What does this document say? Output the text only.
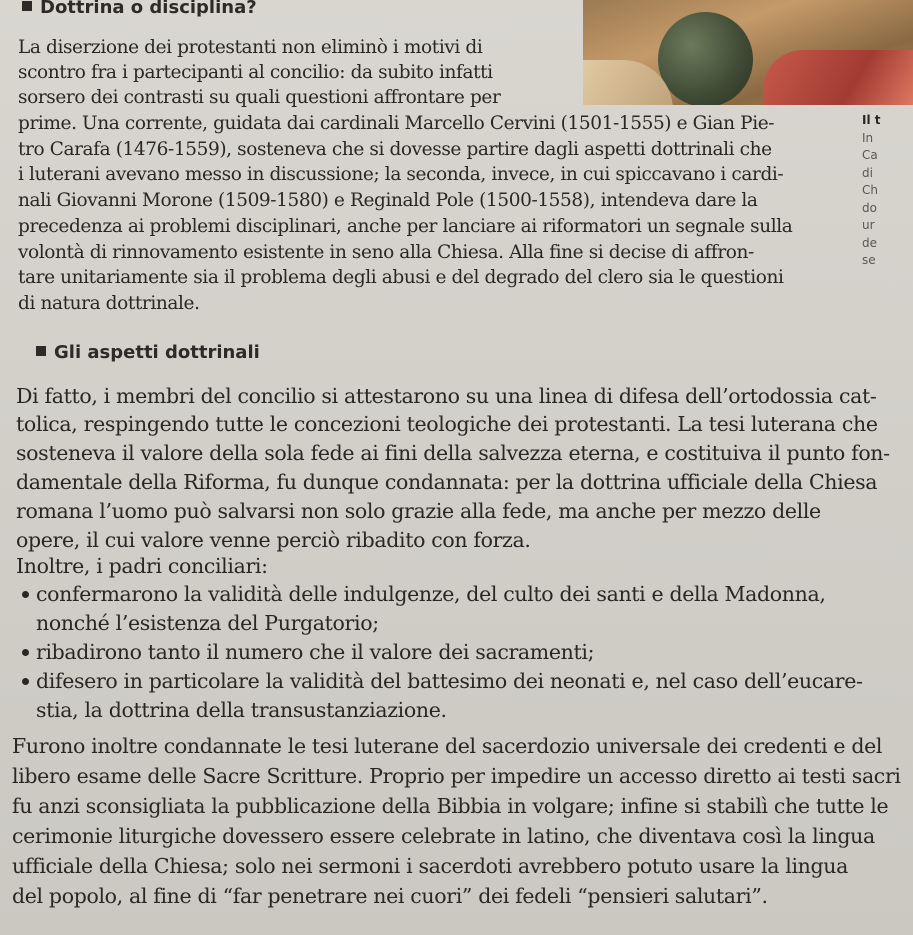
Il t
In
Ca
di
Ch
do
ur
de
se
Dottrina o disciplina?
La diserzione dei protestanti non eliminò i motivi di
scontro fra i partecipanti al concilio: da subito infatti
sorsero dei contrasti su quali questioni affrontare per
prime. Una corrente, guidata dai cardinali Marcello Cervini (1501-1555) e Gian Pie-
tro Carafa (1476-1559), sosteneva che si dovesse partire dagli aspetti dottrinali che
i luterani avevano messo in discussione; la seconda, invece, in cui spiccavano i cardi-
nali Giovanni Morone (1509-1580) e Reginald Pole (1500-1558), intendeva dare la
precedenza ai problemi disciplinari, anche per lanciare ai riformatori un segnale sulla
volontà di rinnovamento esistente in seno alla Chiesa. Alla fine si decise di affron-
tare unitariamente sia il problema degli abusi e del degrado del clero sia le questioni
di natura dottrinale.
Gli aspetti dottrinali
Di fatto, i membri del concilio si attestarono su una linea di difesa dell’ortodossia cat-
tolica, respingendo tutte le concezioni teologiche dei protestanti. La tesi luterana che
sosteneva il valore della sola fede ai fini della salvezza eterna, e costituiva il punto fon-
damentale della Riforma, fu dunque condannata: per la dottrina ufficiale della Chiesa
romana l’uomo può salvarsi non solo grazie alla fede, ma anche per mezzo delle
opere, il cui valore venne perciò ribadito con forza.
Inoltre, i padri conciliari:
confermarono la validità delle indulgenze, del culto dei santi e della Madonna,
nonché l’esistenza del Purgatorio;
ribadirono tanto il numero che il valore dei sacramenti;
difesero in particolare la validità del battesimo dei neonati e, nel caso dell’eucare-
stia, la dottrina della transustanziazione.
Furono inoltre condannate le tesi luterane del sacerdozio universale dei credenti e del
libero esame delle Sacre Scritture. Proprio per impedire un accesso diretto ai testi sacri
fu anzi sconsigliata la pubblicazione della Bibbia in volgare; infine si stabilì che tutte le
cerimonie liturgiche dovessero essere celebrate in latino, che diventava così la lingua
ufficiale della Chiesa; solo nei sermoni i sacerdoti avrebbero potuto usare la lingua
del popolo, al fine di “far penetrare nei cuori” dei fedeli “pensieri salutari”.
